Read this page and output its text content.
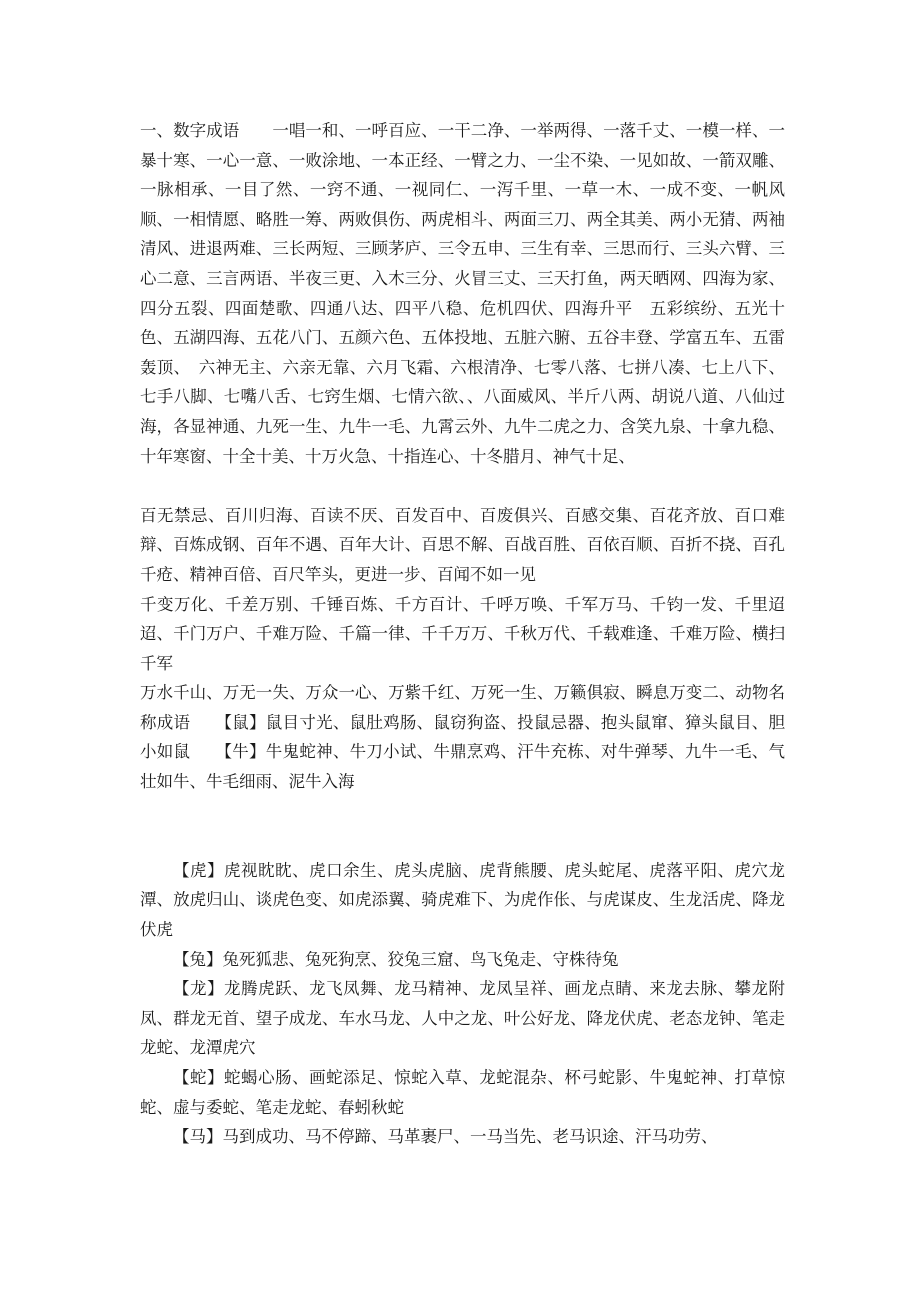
一、数字成语　　一唱一和、一呼百应、一干二净、一举两得、一落千丈、一模一样、一暴十寒、一心一意、一败涂地、一本正经、一臂之力、一尘不染、一见如故、一箭双雕、一脉相承、一目了然、一窍不通、一视同仁、一泻千里、一草一木、一成不变、一帆风顺、一相情愿、略胜一筹、两败俱伤、两虎相斗、两面三刀、两全其美、两小无猜、两袖清风、进退两难、三长两短、三顾茅庐、三令五申、三生有幸、三思而行、三头六臂、三心二意、三言两语、半夜三更、入木三分、火冒三丈、三天打鱼，两天晒网、四海为家、四分五裂、四面楚歌、四通八达、四平八稳、危机四伏、四海升平　五彩缤纷、五光十色、五湖四海、五花八门、五颜六色、五体投地、五脏六腑、五谷丰登、学富五车、五雷轰顶、　六神无主、六亲无靠、六月飞霜、六根清净、七零八落、七拼八凑、七上八下、七手八脚、七嘴八舌、七窍生烟、七情六欲、、八面威风、半斤八两、胡说八道、八仙过海，各显神通、九死一生、九牛一毛、九霄云外、九牛二虎之力、含笑九泉、十拿九稳、十年寒窗、十全十美、十万火急、十指连心、十冬腊月、神气十足、

百无禁忌、百川归海、百读不厌、百发百中、百废俱兴、百感交集、百花齐放、百口难辩、百炼成钢、百年不遇、百年大计、百思不解、百战百胜、百依百顺、百折不挠、百孔千疮、精神百倍、百尺竿头，更进一步、百闻不如一见

千变万化、千差万别、千锤百炼、千方百计、千呼万唤、千军万马、千钧一发、千里迢迢、千门万户、千难万险、千篇一律、千千万万、千秋万代、千载难逢、千难万险、横扫千军

万水千山、万无一失、万众一心、万紫千红、万死一生、万籁俱寂、瞬息万变二、动物名称成语　　【鼠】鼠目寸光、鼠肚鸡肠、鼠窃狗盗、投鼠忌器、抱头鼠窜、獐头鼠目、胆小如鼠　　【牛】牛鬼蛇神、牛刀小试、牛鼎烹鸡、汗牛充栋、对牛弹琴、九牛一毛、气壮如牛、牛毛细雨、泥牛入海

【虎】虎视眈眈、虎口余生、虎头虎脑、虎背熊腰、虎头蛇尾、虎落平阳、虎穴龙潭、放虎归山、谈虎色变、如虎添翼、骑虎难下、为虎作伥、与虎谋皮、生龙活虎、降龙伏虎

【兔】兔死狐悲、兔死狗烹、狡兔三窟、鸟飞兔走、守株待兔

【龙】龙腾虎跃、龙飞凤舞、龙马精神、龙凤呈祥、画龙点睛、来龙去脉、攀龙附凤、群龙无首、望子成龙、车水马龙、人中之龙、叶公好龙、降龙伏虎、老态龙钟、笔走龙蛇、龙潭虎穴

【蛇】蛇蝎心肠、画蛇添足、惊蛇入草、龙蛇混杂、杯弓蛇影、牛鬼蛇神、打草惊蛇、虚与委蛇、笔走龙蛇、春蚓秋蛇

【马】马到成功、马不停蹄、马革裹尸、一马当先、老马识途、汗马功劳、
